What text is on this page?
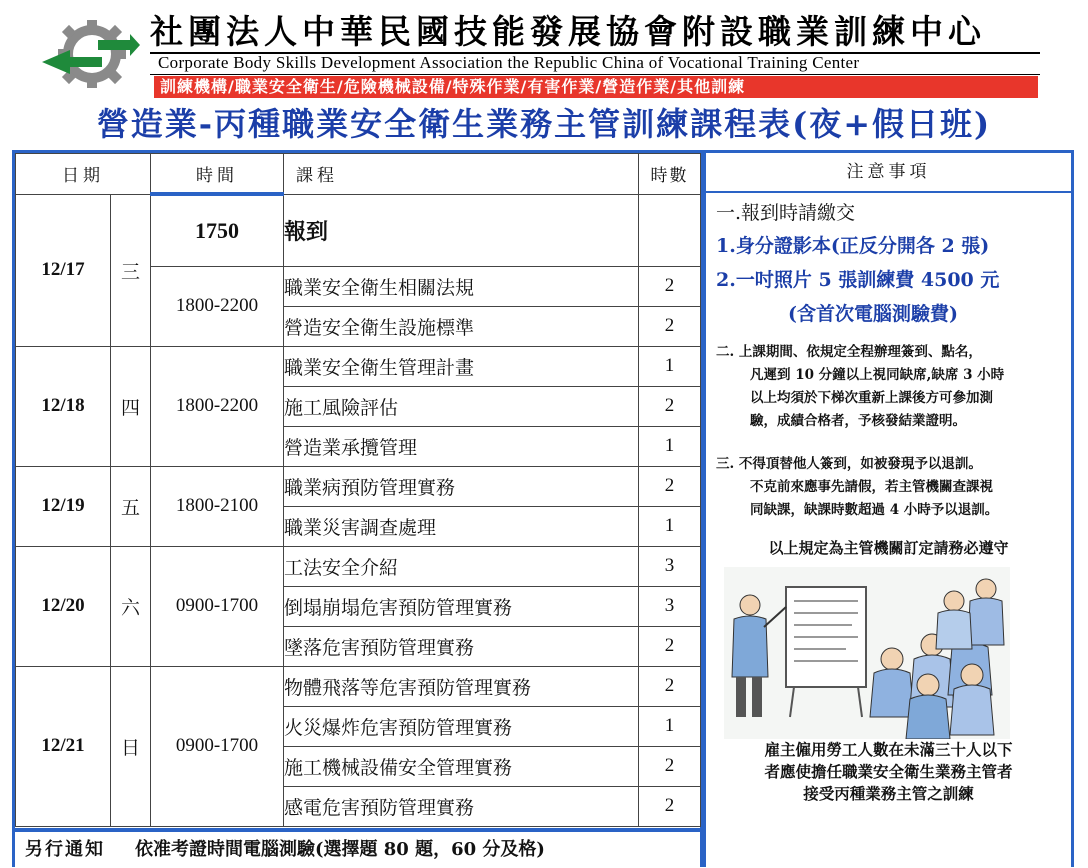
社團法人中華民國技能發展協會附設職業訓練中心
Corporate Body Skills Development Association the Republic China of Vocational Training Center
訓練機構/職業安全衛生/危險機械設備/特殊作業/有害作業/營造作業/其他訓練
營造業-丙種職業安全衛生業務主管訓練課程表(夜+假日班)
日期		時間	課程	時數
12/17	三	1750	報到	
		1800-2200	職業安全衛生相關法規	2
			營造安全衛生設施標準	2
12/18	四	1800-2200	職業安全衛生管理計畫	1
			施工風險評估	2
			營造業承攬管理	1
12/19	五	1800-2100	職業病預防管理實務	2
			職業災害調查處理	1
12/20	六	0900-1700	工法安全介紹	3
			倒塌崩塌危害預防管理實務	3
			墜落危害預防管理實務	2
12/21	日	0900-1700	物體飛落等危害預防管理實務	2
			火災爆炸危害預防管理實務	1
			施工機械設備安全管理實務	2
			感電危害預防管理實務	2
另行通知 依准考證時間電腦測驗(選擇題 80 題，60 分及格)
注意事項
一.報到時請繳交
1.身分證影本(正反分開各 2 張)
2.一吋照片 5 張訓練費 4500 元
(含首次電腦測驗費)
二. 上課期間、依規定全程辦理簽到、點名，
凡遲到 10 分鐘以上視同缺席,缺席 3 小時
以上均須於下梯次重新上課後方可參加測
驗，成績合格者，予核發結業證明。
三. 不得頂替他人簽到，如被發現予以退訓。
不克前來應事先請假，若主管機關查課視
同缺課，缺課時數超過 4 小時予以退訓。
以上規定為主管機關訂定請務必遵守
雇主僱用勞工人數在未滿三十人以下
者應使擔任職業安全衛生業務主管者
接受丙種業務主管之訓練
